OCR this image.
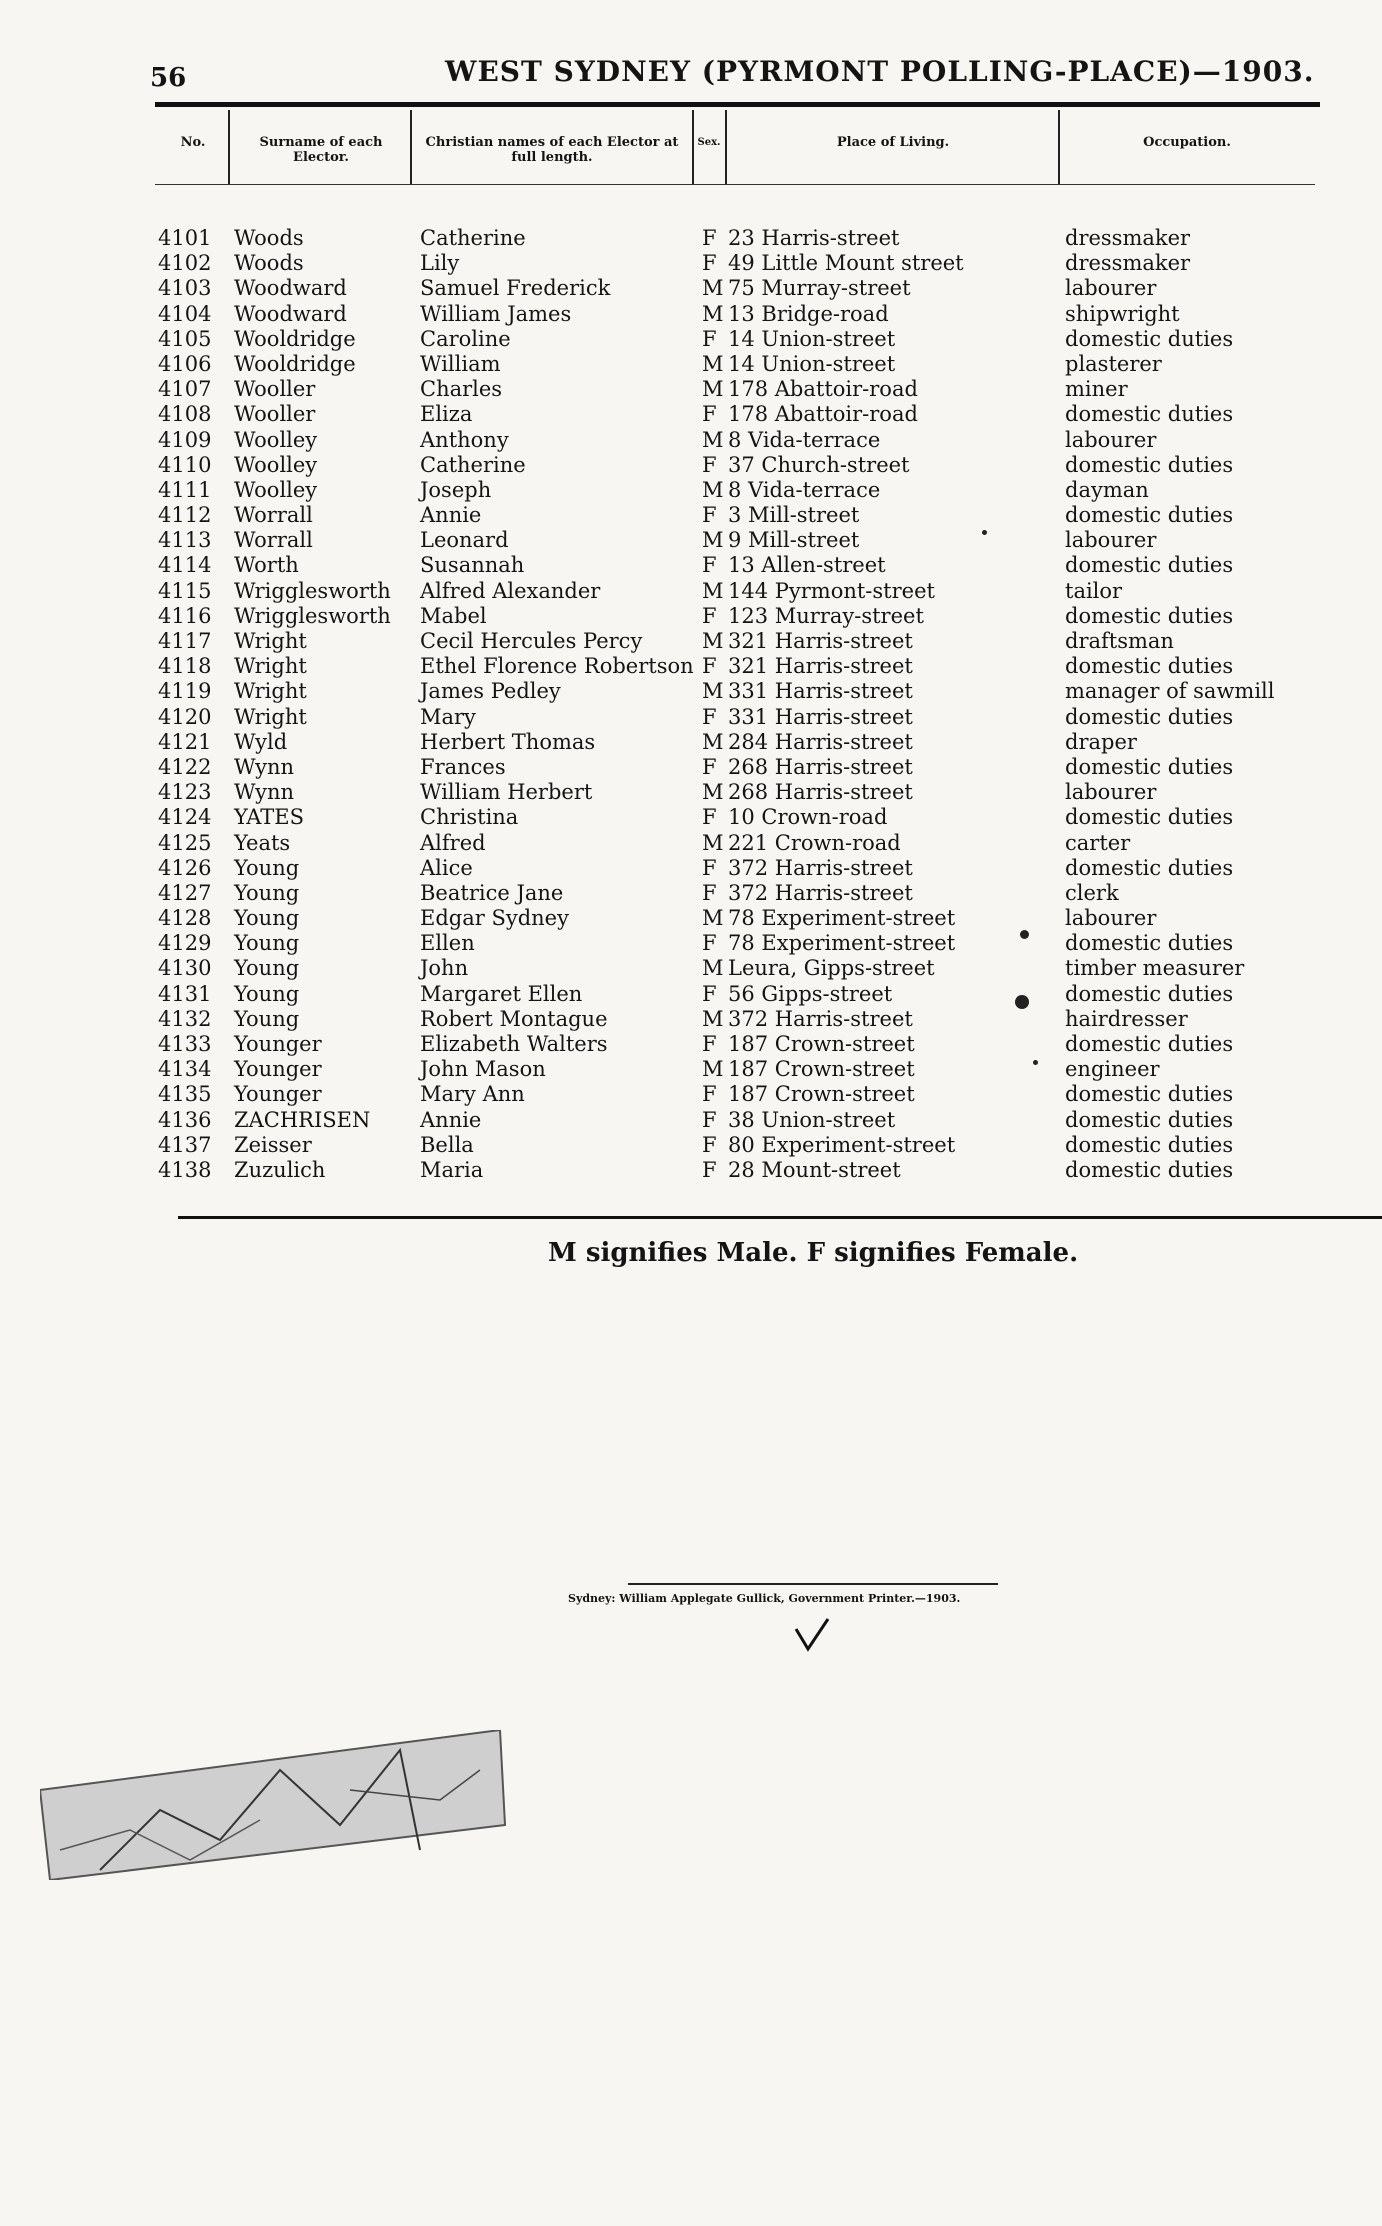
56	WEST SYDNEY (PYRMONT POLLING-PLACE)—1903.
No.	Surname of each Elector.
Christian names of each Elector at full length.
Sex.	Place of Living.	Occupation.
4101	Woods	Catherine	F 23 Harris-street	dressmaker
4102	Woods	Lily	F 49 Little Mount street	dressmaker
4103	Woodward	Samuel Frederick	M 75 Murray-street	labourer
4104	Woodward	William James	M 13 Bridge-road	shipwright
4105	Wooldridge	Caroline	F 14 Union-street	domestic duties
4106	Wooldridge	William	M 14 Union-street	plasterer
4107	Wooller	Charles	M 178 Abattoir-road	miner
4108	Wooller	Eliza	F 178 Abattoir-road	domestic duties
4109	Woolley	Anthony	M 8 Vida-terrace	labourer
4110	Woolley	Catherine	F 37 Church-street	domestic duties
4111	Woolley	Joseph	M 8 Vida-terrace	dayman
4112	Worrall	Annie	F 3 Mill-street	domestic duties
4113	Worrall	Leonard	M 9 Mill-street	labourer
4114	Worth	Susannah	F 13 Allen-street	domestic duties
4115	Wrigglesworth Alfred Alexander	M 144 Pyrmont-street	tailor
4116	Wrigglesworth Mabel	F 123 Murray-street	domestic duties
4117	Wright	Cecil Hercules Percy	M 321 Harris-street	draftsman
4118	Wright	Ethel Florence Robertson F 321 Harris-street	domestic duties
4119	Wright	James Pedley	M 331 Harris-street	manager of sawmill
4120	Wright	Mary	F 331 Harris-street	domestic duties
4121	Wyld	Herbert Thomas	M 284 Harris-street	draper
4122	Wynn	Frances	F 268 Harris-street	domestic duties
4123	Wynn	William Herbert	M 268 Harris-street	labourer
4124	YATES	Christina	F 10 Crown-road	domestic duties
4125	Yeats	Alfred	M 221 Crown-road	carter
4126	Young	Alice	F 372 Harris-street	domestic duties
4127	Young	Beatrice Jane	F 372 Harris-street	clerk
4128	Young	Edgar Sydney	M 78 Experiment-street	labourer
4129	Young	Ellen	F 78 Experiment-street	domestic duties
4130	Young	John	M Leura, Gipps-street	timber measurer
4131	Young	Margaret Ellen	F 56 Gipps-street	domestic duties
4132	Young	Robert Montague	M 372 Harris-street	hairdresser
4133	Younger	Elizabeth Walters	F 187 Crown-street	domestic duties
4134	Younger	John Mason	M 187 Crown-street	engineer
4135	Younger	Mary Ann	F 187 Crown-street	domestic duties
4136	ZACHRISEN Annie	F 38 Union-street	domestic duties
4137	Zeisser	Bella	F 80 Experiment-street	domestic duties
4138	Zuzulich	Maria	F 28 Mount-street	domestic duties
M signifies Male. F signifies Female.
Sydney: William Applegate Gullick, Government Printer.—1903.
